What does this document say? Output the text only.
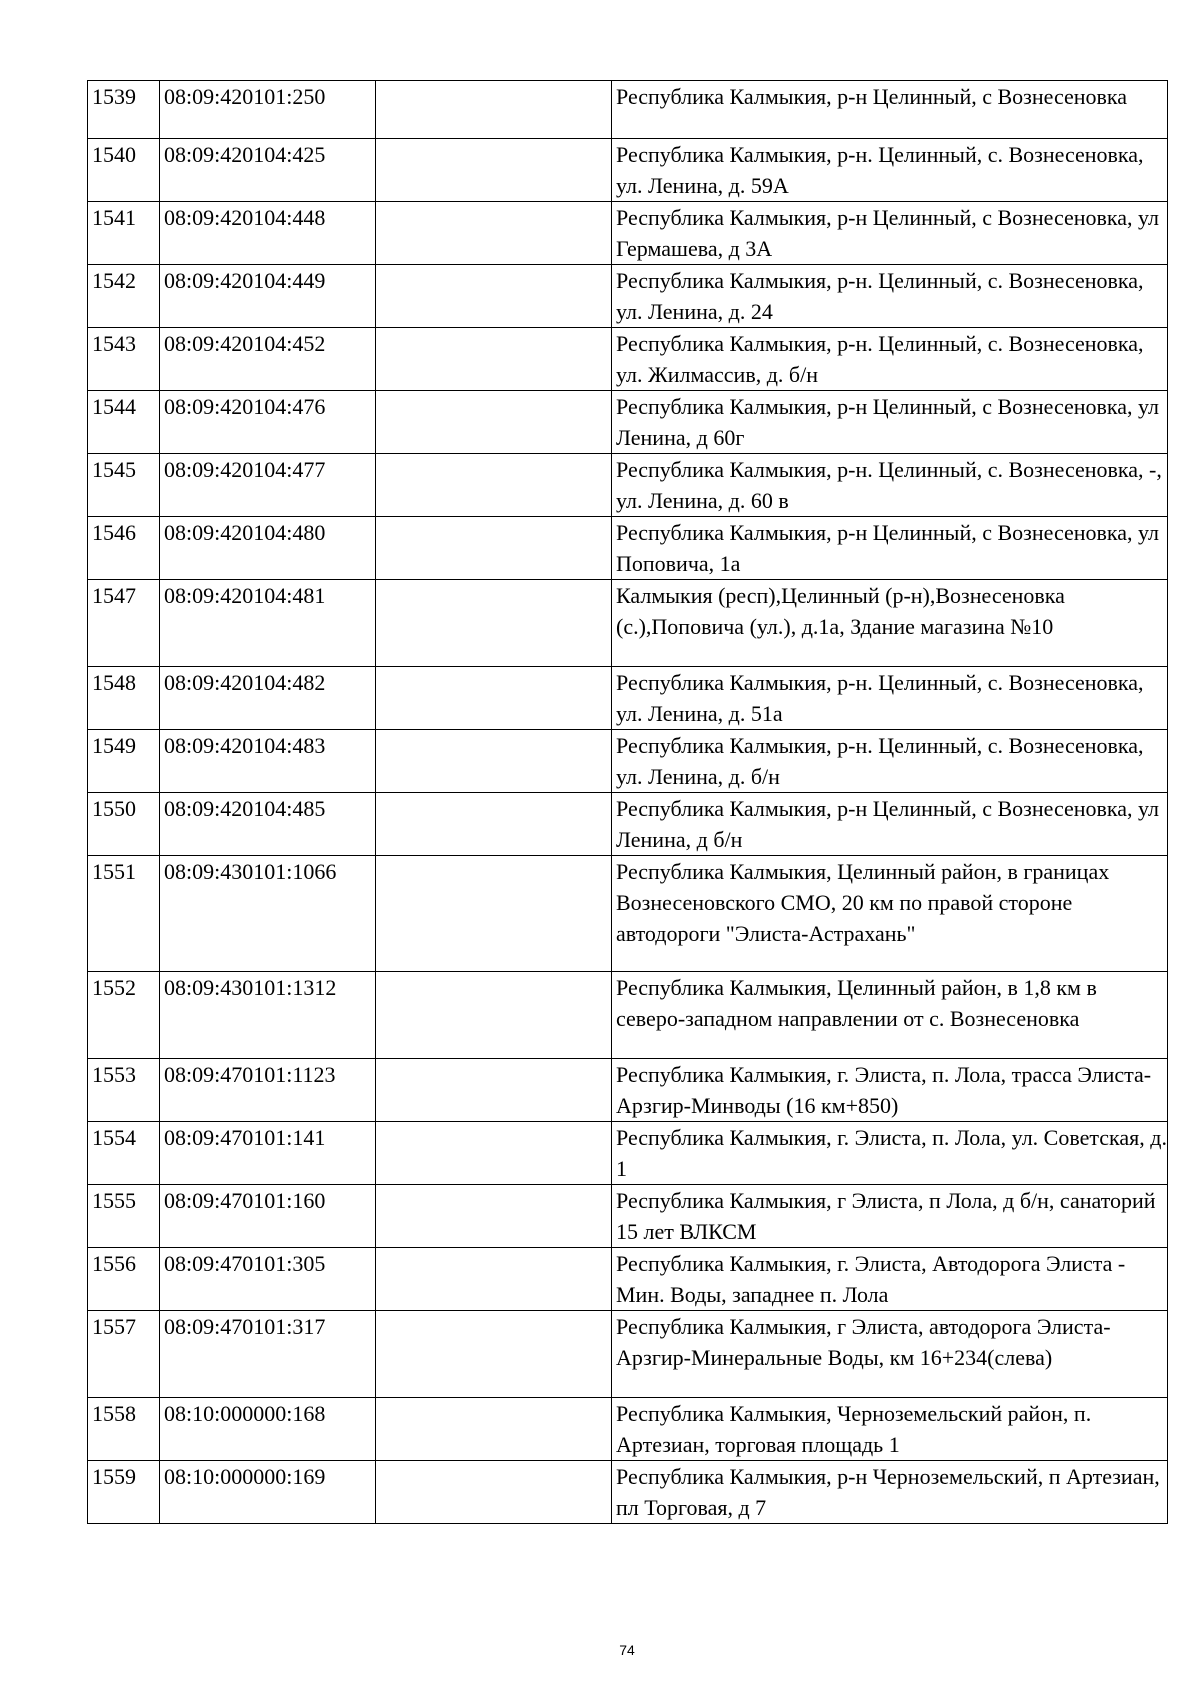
1539	08:09:420101:250		Республика Калмыкия, р-н Целинный, с Вознесеновка
1540	08:09:420104:425		Республика Калмыкия, р-н. Целинный, с. Вознесеновка, ул. Ленина, д. 59А
1541	08:09:420104:448		Республика Калмыкия, р-н Целинный, с Вознесеновка, ул Гермашева, д 3А
1542	08:09:420104:449		Республика Калмыкия, р-н. Целинный, с. Вознесеновка, ул. Ленина, д. 24
1543	08:09:420104:452		Республика Калмыкия, р-н. Целинный, с. Вознесеновка, ул. Жилмассив, д. б/н
1544	08:09:420104:476		Республика Калмыкия, р-н Целинный, с Вознесеновка, ул Ленина, д 60г
1545	08:09:420104:477		Республика Калмыкия, р-н. Целинный, с. Вознесеновка, -, ул. Ленина, д. 60 в
1546	08:09:420104:480		Республика Калмыкия, р-н Целинный, с Вознесеновка, ул Поповича, 1а
1547	08:09:420104:481		Калмыкия (респ),Целинный (р-н),Вознесеновка (с.),Поповича (ул.), д.1а, Здание магазина №10
1548	08:09:420104:482		Республика Калмыкия, р-н. Целинный, с. Вознесеновка, ул. Ленина, д. 51а
1549	08:09:420104:483		Республика Калмыкия, р-н. Целинный, с. Вознесеновка, ул. Ленина, д. б/н
1550	08:09:420104:485		Республика Калмыкия, р-н Целинный, с Вознесеновка, ул Ленина, д б/н
1551	08:09:430101:1066		Республика Калмыкия, Целинный район, в границах Вознесеновского СМО, 20 км по правой стороне автодороги "Элиста-Астрахань"
1552	08:09:430101:1312		Республика Калмыкия, Целинный район, в 1,8 км в северо-западном направлении от с. Вознесеновка
1553	08:09:470101:1123		Республика Калмыкия, г. Элиста, п. Лола, трасса Элиста-Арзгир-Минводы (16 км+850)
1554	08:09:470101:141		Республика Калмыкия, г. Элиста, п. Лола, ул. Советская, д. 1
1555	08:09:470101:160		Республика Калмыкия, г Элиста, п Лола, д б/н, санаторий 15 лет ВЛКСМ
1556	08:09:470101:305		Республика Калмыкия, г. Элиста, Автодорога Элиста - Мин. Воды, западнее п. Лола
1557	08:09:470101:317		Республика Калмыкия, г Элиста, автодорога Элиста-Арзгир-Минеральные Воды, км 16+234(слева)
1558	08:10:000000:168		Республика Калмыкия, Черноземельский район, п. Артезиан, торговая площадь 1
1559	08:10:000000:169		Республика Калмыкия, р-н Черноземельский, п Артезиан, пл Торговая, д 7
74
